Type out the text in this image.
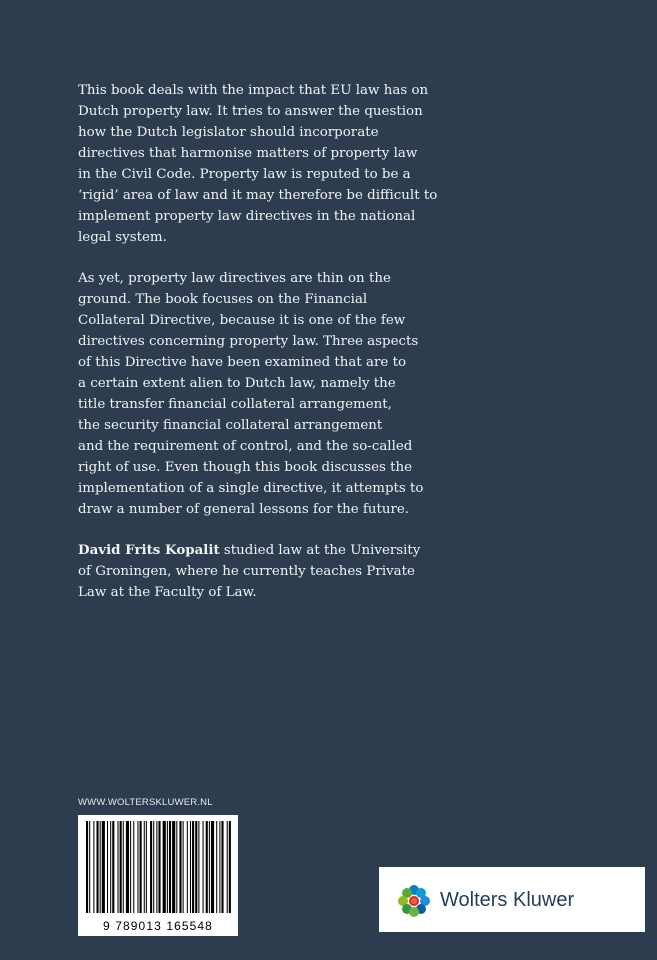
This book deals with the impact that EU law has on
Dutch property law. It tries to answer the question
how the Dutch legislator should incorporate
directives that harmonise matters of property law
in the Civil Code. Property law is reputed to be a
‘rigid’ area of law and it may therefore be difficult to
implement property law directives in the national
legal system.

As yet, property law directives are thin on the
ground. The book focuses on the Financial
Collateral Directive, because it is one of the few
directives concerning property law. Three aspects
of this Directive have been examined that are to
a certain extent alien to Dutch law, namely the
title transfer financial collateral arrangement,
the security financial collateral arrangement
and the requirement of control, and the so-called
right of use. Even though this book discusses the
implementation of a single directive, it attempts to
draw a number of general lessons for the future.

David Frits Kopalit studied law at the University
of Groningen, where he currently teaches Private
Law at the Faculty of Law.

WWW.WOLTERSKLUWER.NL
9 789013 165548
Wolters Kluwer
